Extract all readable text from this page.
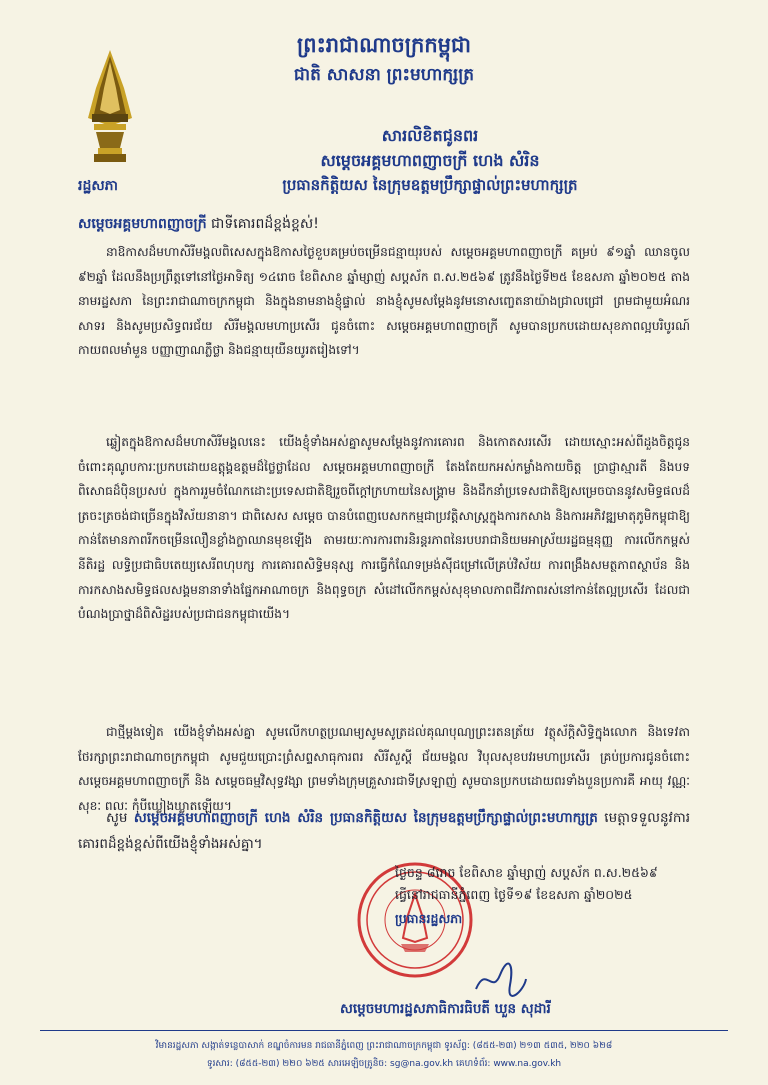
ព្រះរាជាណាចក្រកម្ពុជា
ជាតិ សាសនា ព្រះមហាក្សត្រ
រដ្ឋសភា
សារលិខិតជូនពរ
សម្ដេចអគ្គមហាពញាចក្រី ហេង សំរិន
ប្រធានកិត្តិយស នៃក្រុមឧត្តមប្រឹក្សាផ្ទាល់ព្រះមហាក្សត្រ
សម្ដេចអគ្គមហាពញាចក្រី ជាទីគោរពដ៏ខ្ពង់ខ្ពស់!
នាឱកាសដ៏មហាសិរីមង្គលពិសេសក្នុងឱកាសថ្ងៃខួបគម្រប់ចម្រើនជន្មាយុរបស់ ​សម្ដេចអគ្គមហាពញាចក្រី គម្រប់ ៩១ឆ្នាំ ឈានចូល ៩២ឆ្នាំ ដែលនឹងប្រព្រឹត្តទៅនៅថ្ងៃអាទិត្យ ១៤រោច ខែពិសាខ ឆ្នាំម្សាញ់ សប្តស័ក ព.ស.២៥៦៩ ត្រូវនឹងថ្ងៃទី២៥ ខែឧសភា ឆ្នាំ២០២៥ តាងនាមរដ្ឋសភា នៃព្រះរាជាណាចក្រកម្ពុជា និងក្នុងនាមនាងខ្ញុំផ្ទាល់ នាងខ្ញុំសូមសម្ដែងនូវមនោសញ្ចេតនាយ៉ាងជ្រាលជ្រៅ ព្រមជាមួយអំណរសាទរ និងសូមប្រសិទ្ធពរជ័យ សិរីមង្គលមហាប្រសើរ ជូនចំពោះ សម្ដេចអគ្គមហាពញាចក្រី សូមបានប្រកបដោយសុខភាពល្អបរិបូរណ៍ កាយពលមាំមួន បញ្ញាញាណភ្លឺថ្លា និងជន្មាយុយឺនយូរតរៀងទៅ។
ឆ្លៀតក្នុងឱកាសដ៏មហាសិរីមង្គលនេះ យើងខ្ញុំទាំងអស់គ្នាសូមសម្ដែងនូវការគោរព និងកោតសរសើរ ដោយស្មោះអស់ពីដួងចិត្តជូនចំពោះគុណូបការៈប្រកបដោយឧត្តុង្គឧត្តមដ៏ថ្លៃថ្លាដែល សម្ដេចអគ្គមហាពញាចក្រី តែងតែយកអស់កម្លាំងកាយចិត្ត ប្រាជ្ញាស្មារតី និងបទពិសោធដ៏ប៉ិនប្រសប់ ក្នុងការរួមចំណែកដោះប្រទេសជាតិឱ្យរួចពីក្ដៅក្រហាយនៃសង្គ្រាម និងដឹកនាំប្រទេសជាតិឱ្យសម្រេចបាននូវសមិទ្ធផលដ៏ត្រចះត្រចង់ជាច្រើនក្នុងវិស័យនានា។ ជាពិសេស សម្ដេច បានបំពេញបេសកកម្មជាប្រវត្តិសាស្ត្រក្នុងការកសាង និងការអភិវឌ្ឍមាតុភូមិកម្ពុជាឱ្យកាន់តែមានភាពរីកចម្រើនលឿនខ្លាំងក្លាឈានមុខឡើង តាមរយៈការការពារនិរន្តរភាពនៃរបបរាជានិយមអាស្រ័យរដ្ឋធម្មនុញ្ញ ការលើកកម្ពស់នីតិរដ្ឋ លទ្ធិប្រជាធិបតេយ្យសេរីពហុបក្ស ការគោរពសិទ្ធិមនុស្ស ការធ្វើកំណែទម្រង់ស៊ីជម្រៅលើគ្រប់វិស័យ ការពង្រឹងសមត្ថភាពស្ថាប័ន និងការកសាងសមិទ្ធផលសង្គមនានាទាំងផ្នែកអាណាចក្រ និងពុទ្ធចក្រ សំដៅលើកកម្ពស់សុខុមាលភាពជីវភាពរស់នៅកាន់តែល្អប្រសើរ ដែលជាបំណងប្រាថ្នាដ៏ពិសិដ្ឋរបស់ប្រជាជនកម្ពុជាយើង។
ជាថ្មីម្ដងទៀត យើងខ្ញុំទាំងអស់គ្នា សូមលើកហត្ថប្រណម្យសូមសូត្រដល់គុណបុណ្យព្រះរតនត្រ័យ វត្ថុស័ក្ដិសិទ្ធិក្នុងលោក និងទេវតាថែរក្សាព្រះរាជាណាចក្រកម្ពុជា សូមជួយប្រោះព្រំសព្ទសាធុការពរ សិរីសួស្ដី ជ័យមង្គល វិបុលសុខបវរមហាប្រសើរ គ្រប់ប្រការជូនចំពោះ សម្ដេចអគ្គមហាពញាចក្រី និង សម្ដេចធម្មវិសុទ្ធវង្សា ព្រមទាំងក្រុមគ្រួសារជាទីស្រឡាញ់ សូមបានប្រកបដោយពរទាំងបួនប្រការគឺ អាយុ វណ្ណៈ សុខៈ ពលៈ កុំបីឃ្លៀងឃ្លាតឡើយ។
សូម សម្ដេចអគ្គមហាពញាចក្រី ហេង សំរិន ប្រធានកិត្តិយស នៃក្រុមឧត្តមប្រឹក្សាផ្ទាល់ព្រះមហាក្សត្រ មេត្តាទទួលនូវការគោរពដ៏ខ្ពង់ខ្ពស់ពីយើងខ្ញុំទាំងអស់គ្នា។
ថ្ងៃចន្ទ ៨រោច ខែពិសាខ ឆ្នាំម្សាញ់ សប្តស័ក ព.ស.២៥៦៩
ធ្វើនៅរាជធានីភ្នំពេញ ថ្ងៃទី១៩ ខែឧសភា ឆ្នាំ២០២៥
ប្រធានរដ្ឋសភា
សម្តេចមហារដ្ឋសភាធិការធិបតី ឃួន សុដារី
វិមានរដ្ឋសភា សង្កាត់ទន្លេបាសាក់ ខណ្ឌចំការមន រាជធានីភ្នំពេញ ព្រះរាជាណាចក្រកម្ពុជា ទូរស័ព្ទ: (៨៥៥-២៣) ២១៣ ៥៣៥, ២២០ ៦២៨
ទូរសារ: (៨៥៥-២៣) ២២០ ៦២៥ សារអេឡិចត្រូនិច: sg@na.gov.kh គេហទំព័រ: www.na.gov.kh
